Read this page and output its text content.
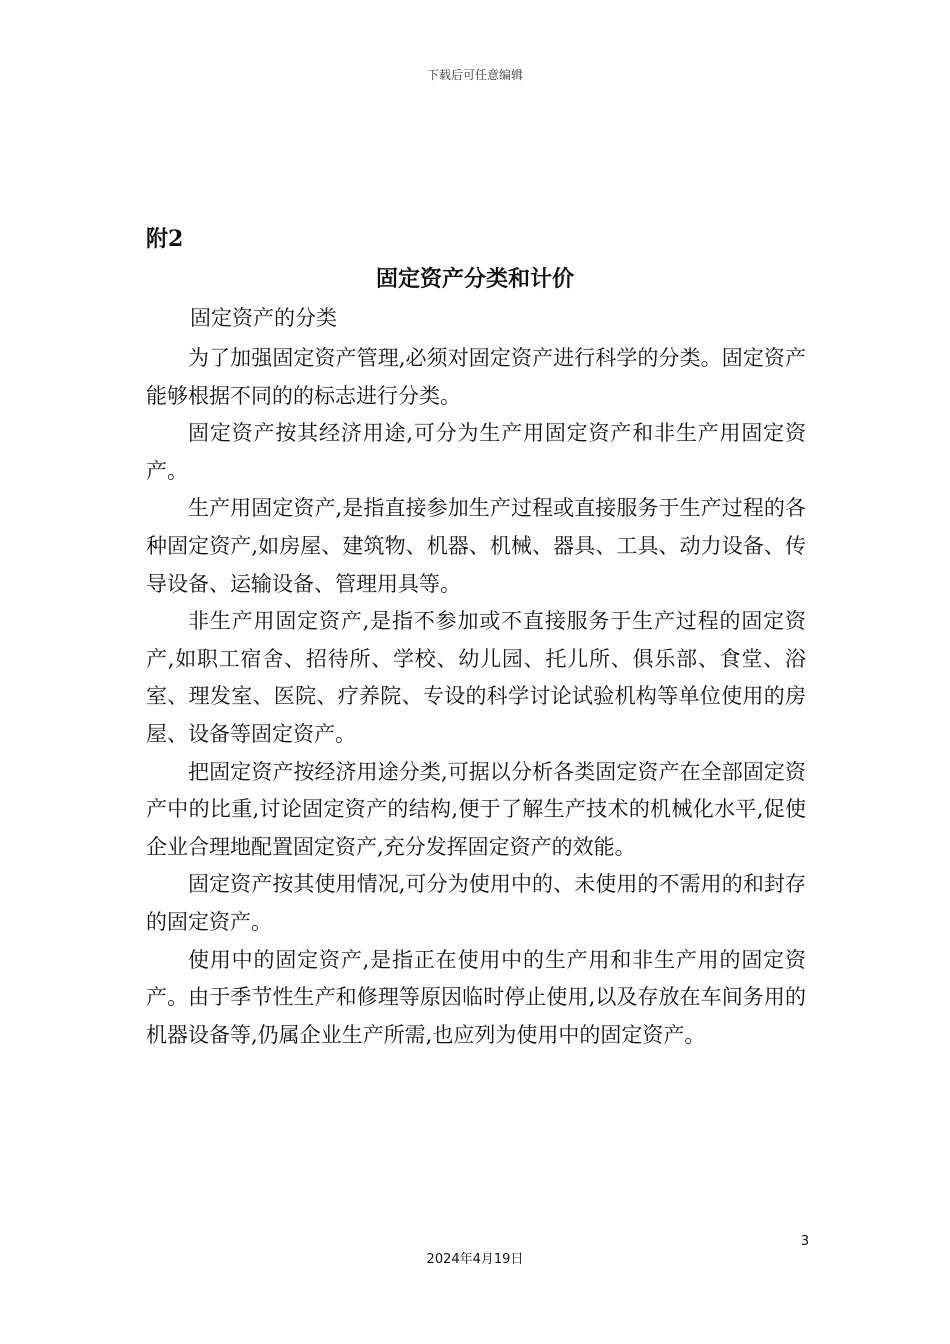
下载后可任意编辑
附2
固定资产分类和计价
固定资产的分类

为了加强固定资产管理,必须对固定资产进行科学的分类。固定资产能够根据不同的的标志进行分类。

固定资产按其经济用途,可分为生产用固定资产和非生产用固定资产。

生产用固定资产,是指直接参加生产过程或直接服务于生产过程的各种固定资产,如房屋、建筑物、机器、机械、器具、工具、动力设备、传导设备、运输设备、管理用具等。

非生产用固定资产,是指不参加或不直接服务于生产过程的固定资产,如职工宿舍、招待所、学校、幼儿园、托儿所、俱乐部、食堂、浴室、理发室、医院、疗养院、专设的科学讨论试验机构等单位使用的房屋、设备等固定资产。

把固定资产按经济用途分类,可据以分析各类固定资产在全部固定资产中的比重,讨论固定资产的结构,便于了解生产技术的机械化水平,促使企业合理地配置固定资产,充分发挥固定资产的效能。

固定资产按其使用情况,可分为使用中的、未使用的不需用的和封存的固定资产。

使用中的固定资产,是指正在使用中的生产用和非生产用的固定资产。由于季节性生产和修理等原因临时停止使用,以及存放在车间务用的机器设备等,仍属企业生产所需,也应列为使用中的固定资产。

3
2024年4月19日
